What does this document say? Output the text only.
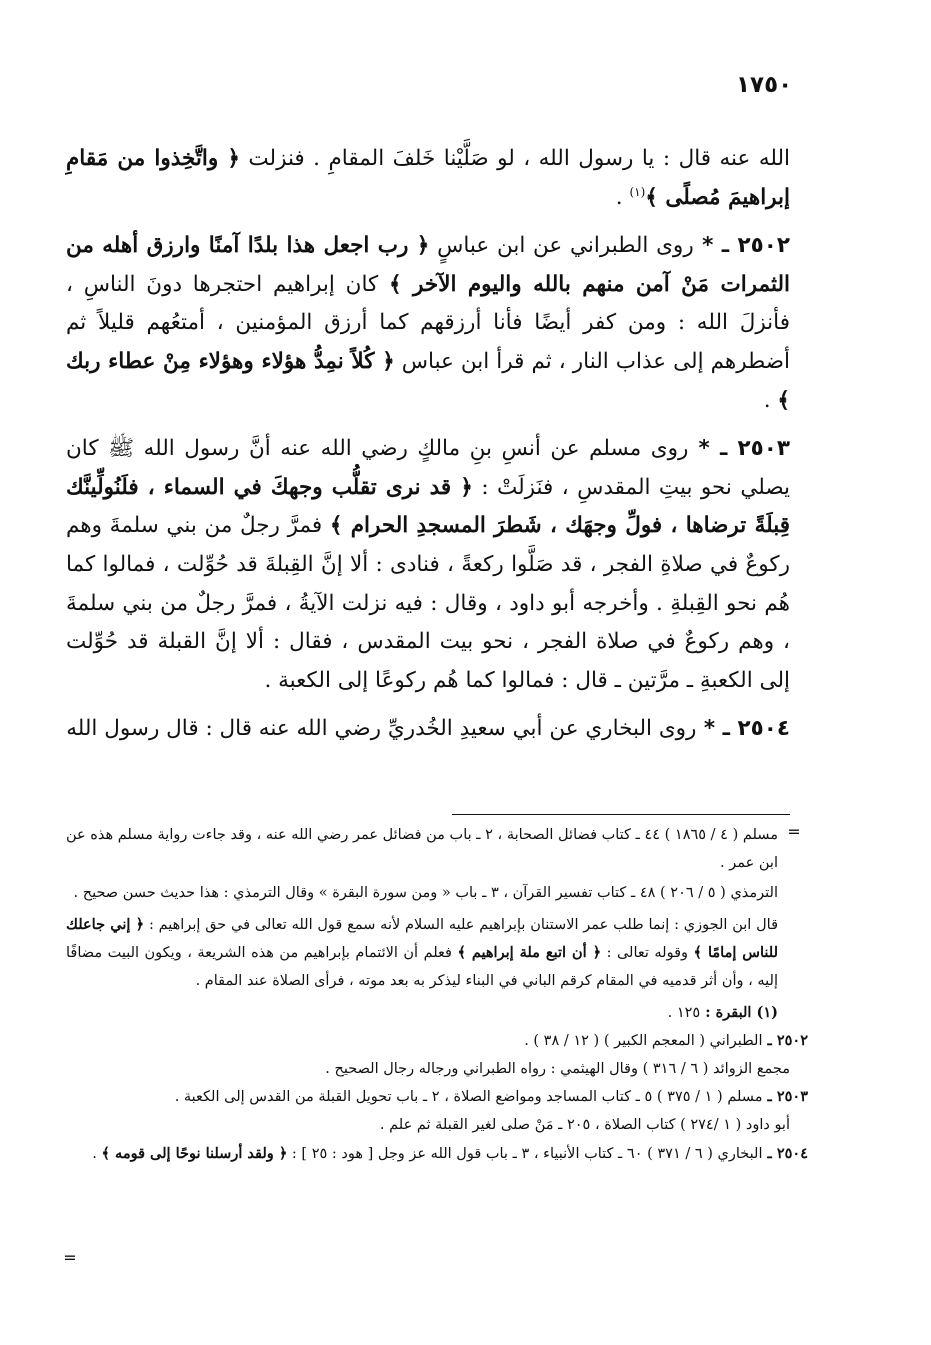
١٧٥٠

الله عنه قال : يا رسول الله ، لو صَلَّيْنا خَلفَ المقامِ . فنزلت ﴿ واتَّخِذوا من مَقامِ إبراهيمَ مُصلًى ﴾$^{(١)}$ .

٢٥٠٢ ـ * روى الطبراني عن ابن عباسٍ ﴿ رب اجعل هذا بلدًا آمنًا وارزق أهله من الثمرات مَنْ آمن منهم بالله واليوم الآخر ﴾ كان إبراهيم احتجرها دونَ الناسِ ، فأنزلَ الله : ومن كفر أيضًا فأنا أرزقهم كما أرزق المؤمنين ، أمتعُهم قليلاً ثم أضطرهم إلى عذاب النار ، ثم قرأ ابن عباس ﴿ كُلاً نمِدُّ هؤلاء وهؤلاء مِنْ عطاء ربك ﴾ .

٢٥٠٣ ـ * روى مسلم عن أنسِ بنِ مالكٍ رضي الله عنه أنَّ رسول الله ﷺ كان يصلي نحو بيتِ المقدسِ ، فنَزلَتْ : ﴿ قد نرى تقلُّب وجهكَ في السماء ، فلَنُولِّينَّك قِبلَةً ترضاها ، فولِّ وجهَك ، شَطرَ المسجدِ الحرام ﴾ فمرَّ رجلٌ من بني سلمةَ وهم ركوعٌ في صلاةِ الفجر ، قد صَلَّوا ركعةً ، فنادى : ألا إنَّ القِبلةَ قد حُوِّلت ، فمالوا كما هُم نحو القِبلةِ . وأخرجه أبو داود ، وقال : فيه نزلت الآيةُ ، فمرَّ رجلٌ من بني سلمةَ ، وهم ركوعٌ في صلاة الفجر ، نحو بيت المقدس ، فقال : ألا إنَّ القبلة قد حُوِّلت إلى الكعبةِ ـ مرَّتين ـ قال : فمالوا كما هُم ركوعًا إلى الكعبة .

٢٥٠٤ ـ * روى البخاري عن أبي سعيدِ الخُدريِّ رضي الله عنه قال : قال رسول الله

=

مسلم ( ٤ / ١٨٦٥ ) ٤٤ ـ كتاب فضائل الصحابة ، ٢ ـ باب من فضائل عمر رضي الله عنه ، وقد جاءت رواية مسلم هذه عن ابن عمر .

الترمذي ( ٥ / ٢٠٦ ) ٤٨ ـ كتاب تفسير القرآن ، ٣ ـ باب « ومن سورة البقرة » وقال الترمذي : هذا حديث حسن صحيح .

قال ابن الجوزي : إنما طلب عمر الاستنان بإبراهيم عليه السلام لأنه سمع قول الله تعالى في حق إبراهيم : ﴿ إني جاعلك للناس إمامًا ﴾ وقوله تعالى : ﴿ أن اتبع ملة إبراهيم ﴾ فعلم أن الائتمام بإبراهيم من هذه الشريعة ، ويكون البيت مضافًا إليه ، وأن أثر قدميه في المقام كرقم الباني في البناء ليذكر به بعد موته ، فرأى الصلاة عند المقام .

(١) البقرة : ١٢٥ .

٢٥٠٢ ـ الطبراني ( المعجم الكبير ) ( ١٢ / ٣٨ ) .

مجمع الزوائد ( ٦ / ٣١٦ ) وقال الهيثمي : رواه الطبراني ورجاله رجال الصحيح .

٢٥٠٣ ـ مسلم ( ١ / ٣٧٥ ) ٥ ـ كتاب المساجد ومواضع الصلاة ، ٢ ـ باب تحويل القبلة من القدس إلى الكعبة .

أبو داود ( ١ /٢٧٤ ) كتاب الصلاة ، ٢٠٥ ـ مَنْ صلى لغير القبلة ثم علم .

٢٥٠٤ ـ البخاري ( ٦ / ٣٧١ ) ٦٠ ـ كتاب الأنبياء ، ٣ ـ باب قول الله عز وجل [ هود : ٢٥ ] : ﴿ ولقد أرسلنا نوحًا إلى قومه ﴾ .

=
